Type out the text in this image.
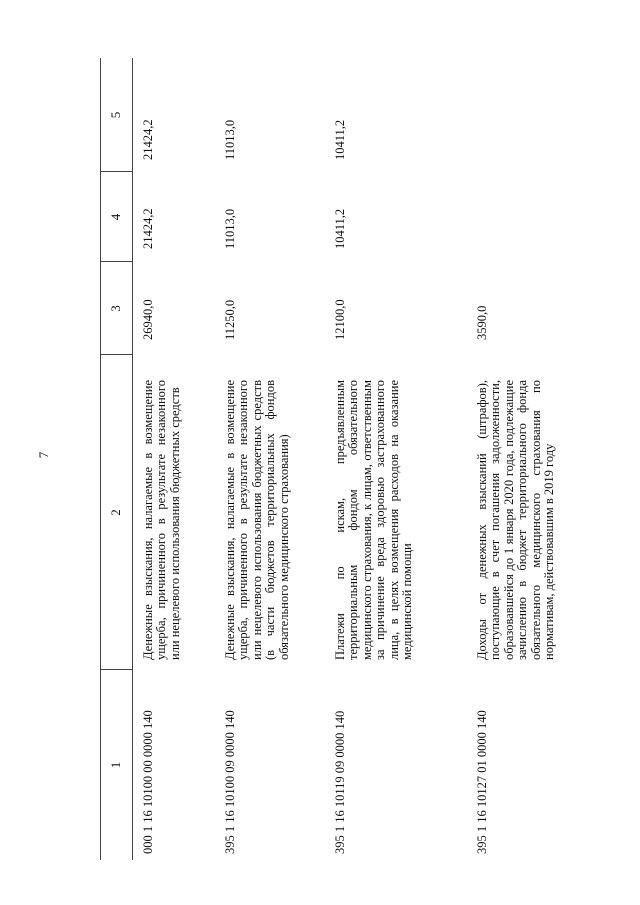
7
1
2
3
4
5
000 1 16 10100 00 0000 140
Денежные взыскания, налагаемые в возмещение ущерба, причиненного в результате незаконного или нецелевого использования бюджетных средств
26940,0
21424,2
21424,2
395 1 16 10100 09 0000 140
Денежные взыскания, налагаемые в возмещение ущерба, причиненного в результате незаконного или нецелевого использования бюджетных средств (в части бюджетов территориальных фондов обязательного медицинского страхования)
11250,0
11013,0
11013,0
395 1 16 10119 09 0000 140
Платежи по искам, предъявленным территориальным фондом обязательного медицинского страхования, к лицам, ответственным за причинение вреда здоровью застрахованного лица, в целях возмещения расходов на оказание медицинской помощи
12100,0
10411,2
10411,2
395 1 16 10127 01 0000 140
Доходы от денежных взысканий (штрафов), поступающие в счет погашения задолженности, образовавшейся до 1 января 2020 года, подлежащие зачислению в бюджет территориального фонда обязательного медицинского страхования по нормативам, действовавшим в 2019 году
3590,0
